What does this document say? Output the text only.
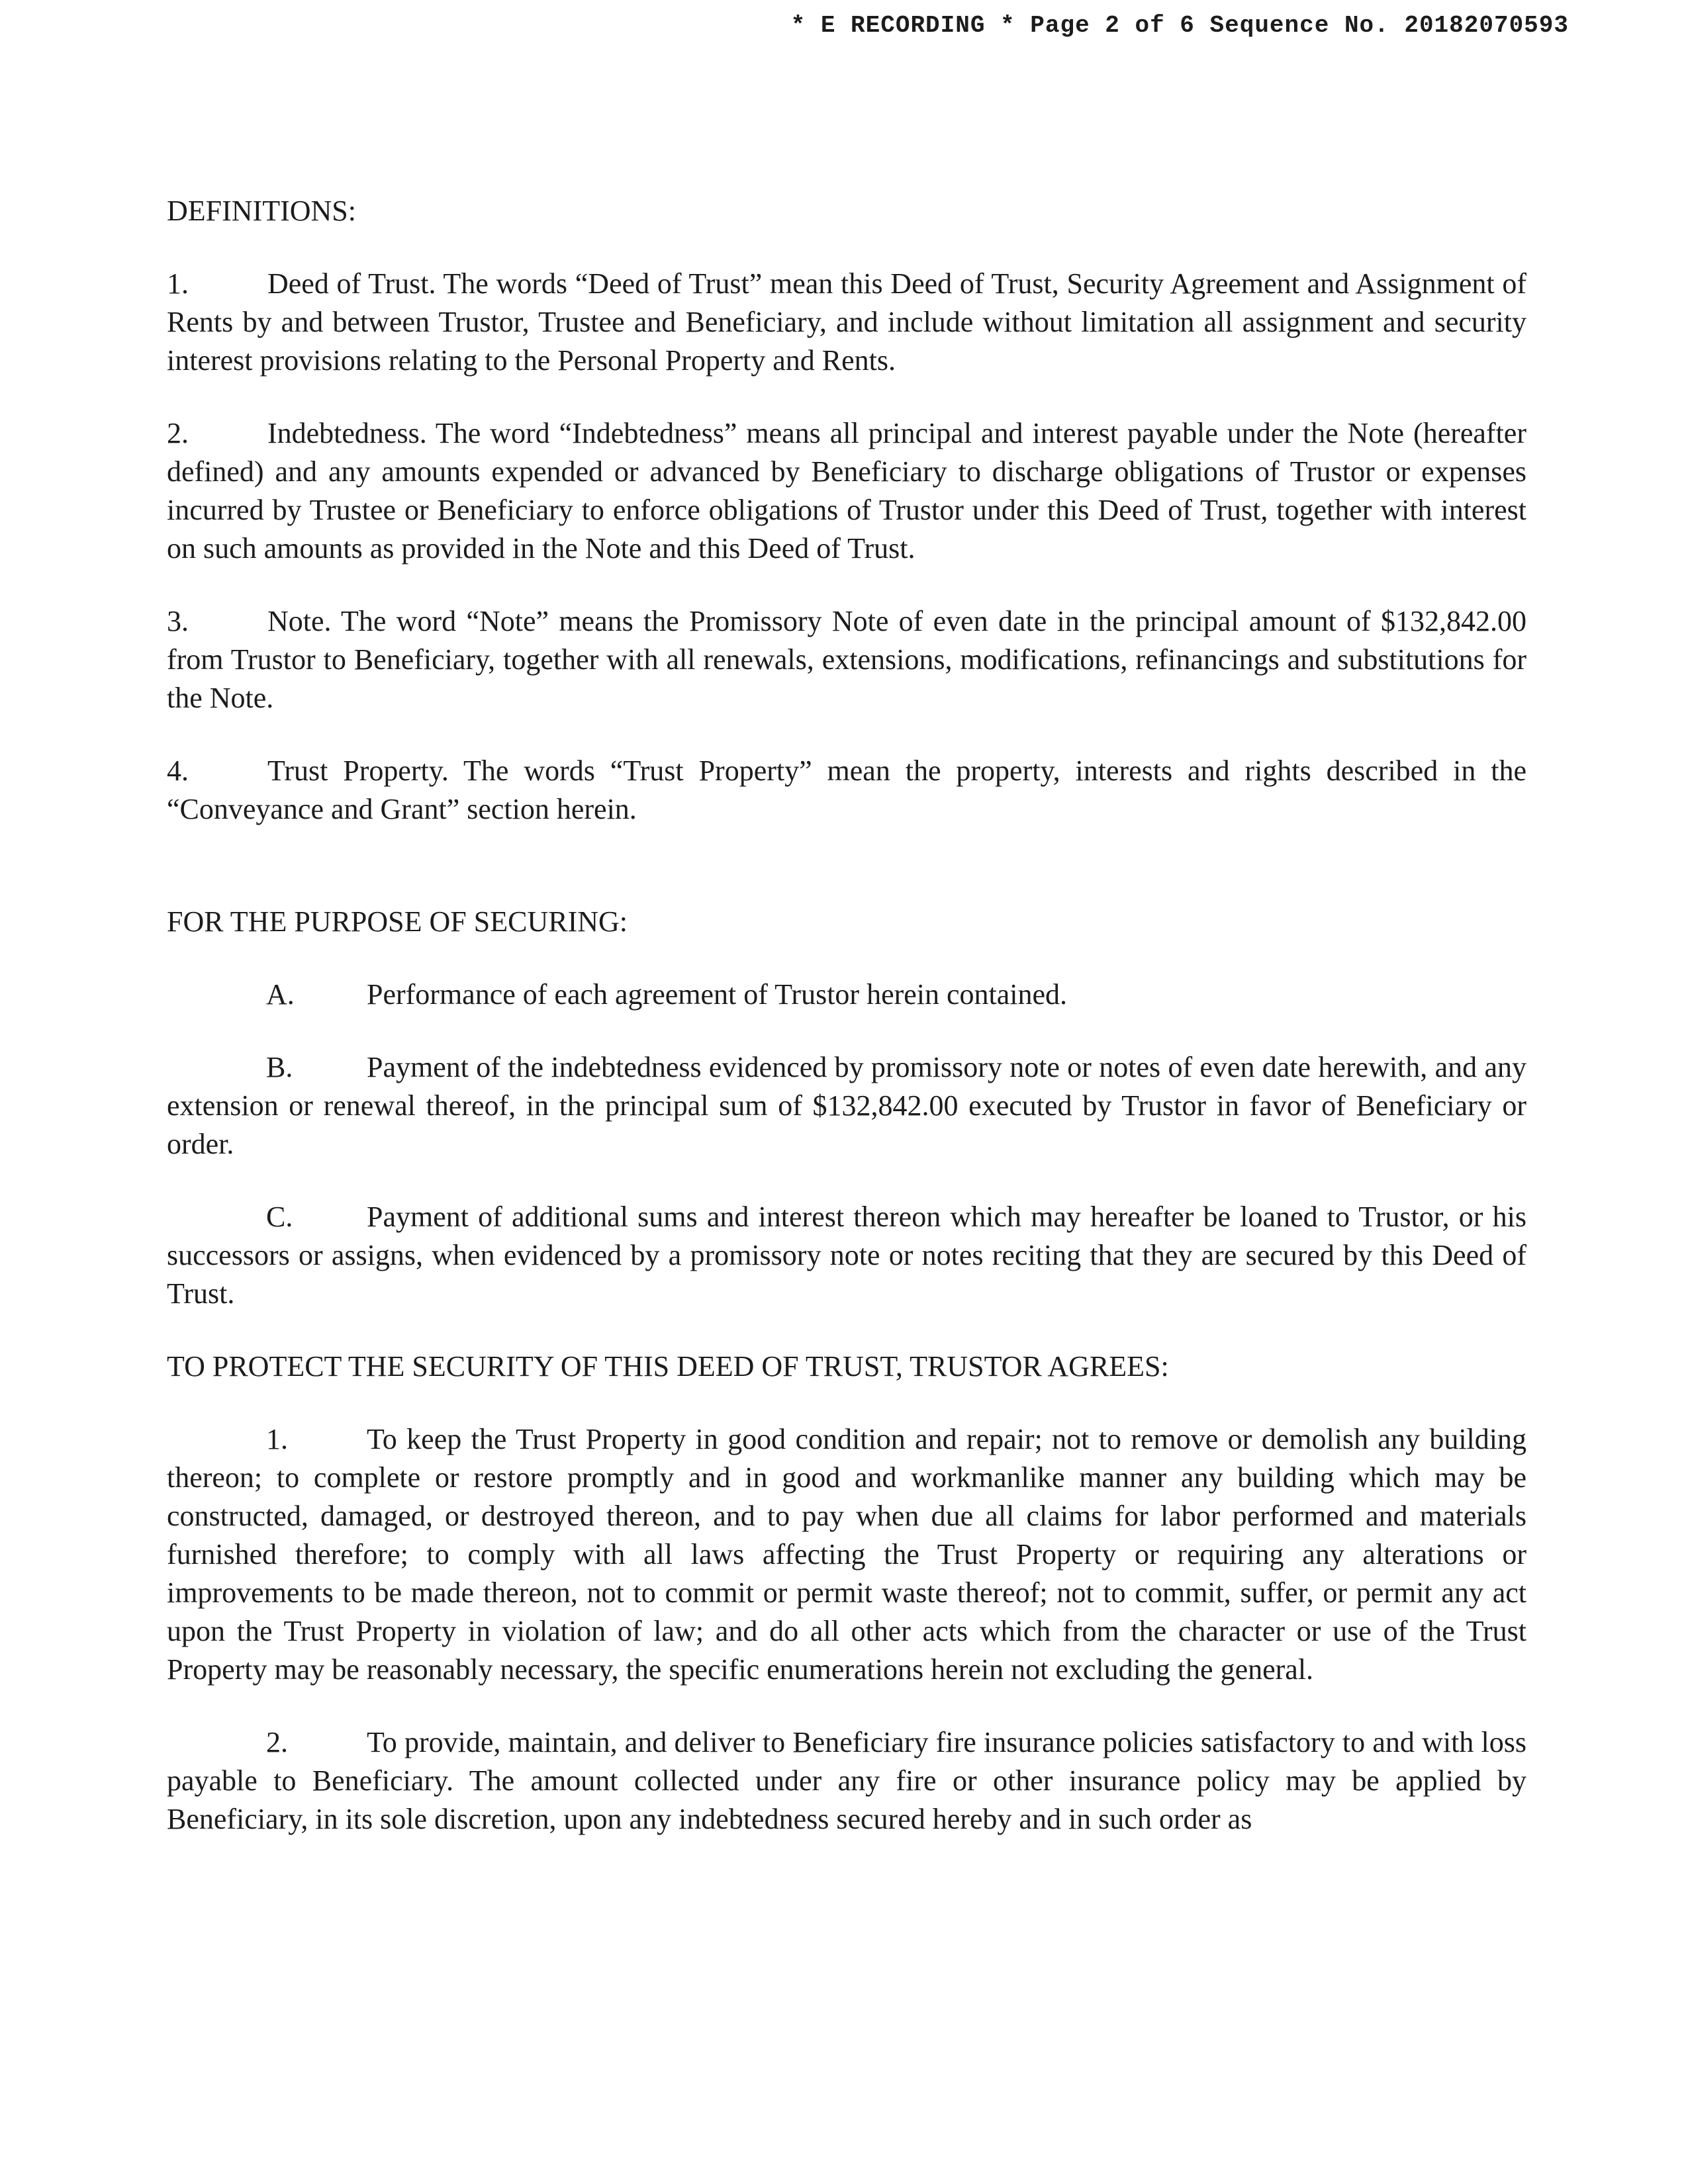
* E RECORDING * Page 2 of 6 Sequence No. 20182070593

DEFINITIONS:

1.	Deed of Trust. The words “Deed of Trust” mean this Deed of Trust, Security Agreement and Assignment of Rents by and between Trustor, Trustee and Beneficiary, and include without limitation all assignment and security interest provisions relating to the Personal Property and Rents.

2.	Indebtedness. The word “Indebtedness” means all principal and interest payable under the Note (hereafter defined) and any amounts expended or advanced by Beneficiary to discharge obligations of Trustor or expenses incurred by Trustee or Beneficiary to enforce obligations of Trustor under this Deed of Trust, together with interest on such amounts as provided in the Note and this Deed of Trust.

3.	Note. The word “Note” means the Promissory Note of even date in the principal amount of $132,842.00 from Trustor to Beneficiary, together with all renewals, extensions, modifications, refinancings and substitutions for the Note.

4.	Trust Property. The words “Trust Property” mean the property, interests and rights described in the “Conveyance and Grant” section herein.

FOR THE PURPOSE OF SECURING:

A. Performance of each agreement of Trustor herein contained.

B.	Payment of the indebtedness evidenced by promissory note or notes of even date herewith, and any extension or renewal thereof, in the principal sum of $132,842.00 executed by Trustor in favor of Beneficiary or order.

C.	Payment of additional sums and interest thereon which may hereafter be loaned to Trustor, or his successors or assigns, when evidenced by a promissory note or notes reciting that they are secured by this Deed of Trust.

TO PROTECT THE SECURITY OF THIS DEED OF TRUST, TRUSTOR AGREES:

1.	To keep the Trust Property in good condition and repair; not to remove or demolish any building thereon; to complete or restore promptly and in good and workmanlike manner any building which may be constructed, damaged, or destroyed thereon, and to pay when due all claims for labor performed and materials furnished therefore; to comply with all laws affecting the Trust Property or requiring any alterations or improvements to be made thereon, not to commit or permit waste thereof; not to commit, suffer, or permit any act upon the Trust Property in violation of law; and do all other acts which from the character or use of the Trust Property may be reasonably necessary, the specific enumerations herein not excluding the general.

2.	To provide, maintain, and deliver to Beneficiary fire insurance policies satisfactory to and with loss payable to Beneficiary. The amount collected under any fire or other insurance policy may be applied by Beneficiary, in its sole discretion, upon any indebtedness secured hereby and in such order as
